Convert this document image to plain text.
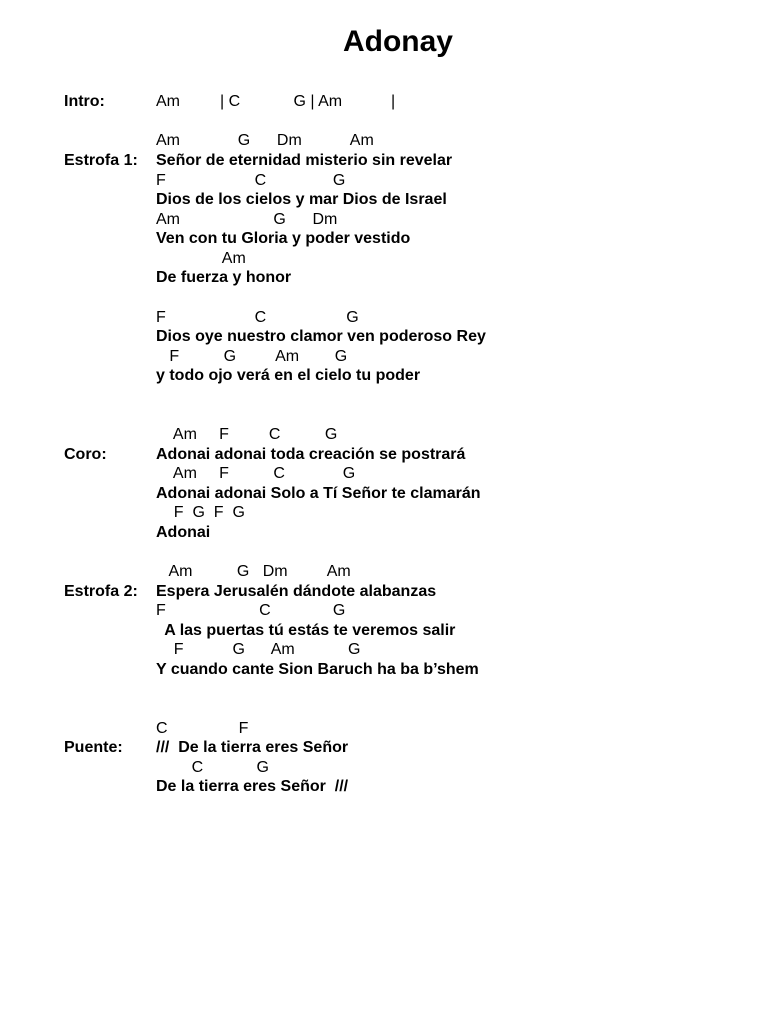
Adonay
Intro:	Am         | C            G | Am           |
Am             G      Dm           Am
Estrofa 1: Señor de eternidad misterio sin revelar
F                    C               G
Dios de los cielos y mar Dios de Israel
Am                     G      Dm
Ven con tu Gloria y poder vestido
Am
De fuerza y honor
F                    C                  G
Dios oye nuestro clamor ven poderoso Rey
F          G         Am        G
y todo ojo verá en el cielo tu poder
Am     F         C          G
Coro:	Adonai adonai toda creación se postrará
Am     F          C             G
Adonai adonai Solo a Tí Señor te clamarán
F  G  F  G
Adonai
Am          G   Dm         Am
Estrofa 2: Espera Jerusalén dándote alabanzas
F                     C              G
A las puertas tú estás te veremos salir
F           G      Am            G
Y cuando cante Sion Baruch ha ba b’shem
C                F
Puente: ///  De la tierra eres Señor
C            G
De la tierra eres Señor  ///
